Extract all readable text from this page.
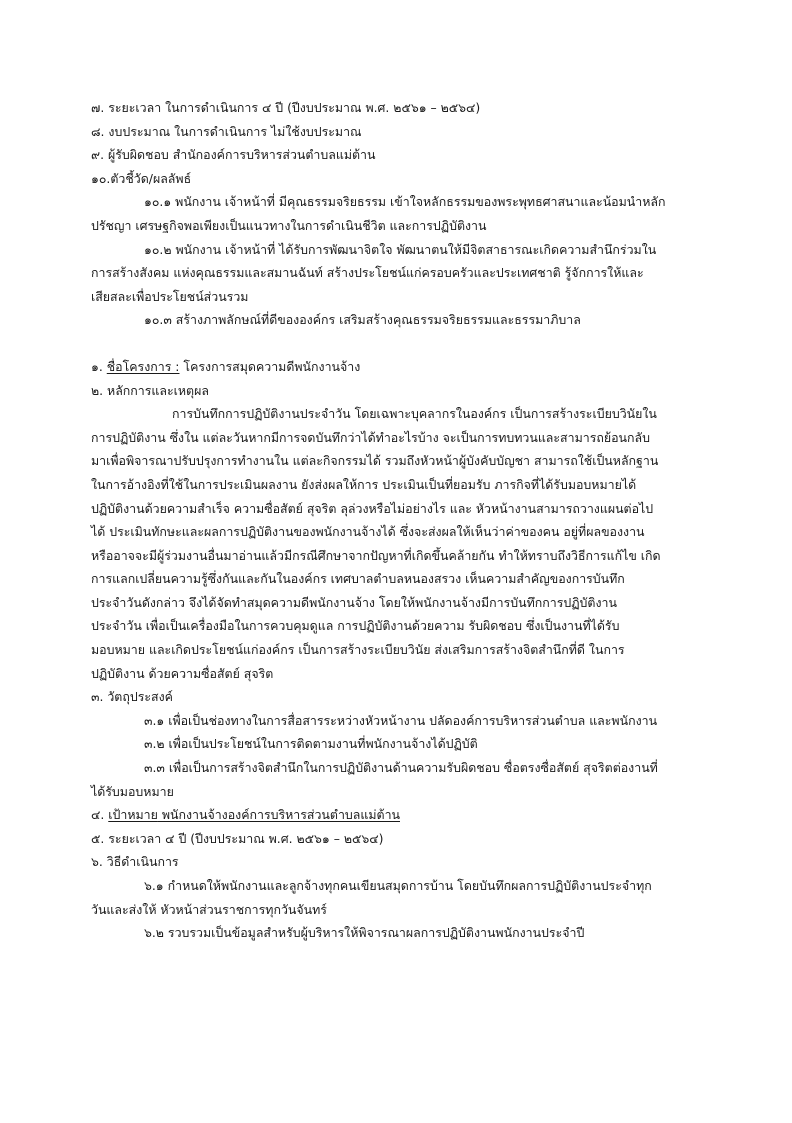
๗. ระยะเวลา ในการดำเนินการ ๔ ปี (ปีงบประมาณ พ.ศ. ๒๕๖๑ – ๒๕๖๔)
๘. งบประมาณ ในการดำเนินการ ไม่ใช้งบประมาณ
๙. ผู้รับผิดชอบ สำนักองค์การบริหารส่วนตำบลแม่ต้าน
๑๐.ตัวชี้วัด/ผลลัพธ์
๑๐.๑ พนักงาน เจ้าหน้าที่ มีคุณธรรมจริยธรรม เข้าใจหลักธรรมของพระพุทธศาสนาและน้อมนำหลัก
ปรัชญา เศรษฐกิจพอเพียงเป็นแนวทางในการดำเนินชีวิต และการปฏิบัติงาน
๑๐.๒ พนักงาน เจ้าหน้าที่ ได้รับการพัฒนาจิตใจ พัฒนาตนให้มีจิตสาธารณะเกิดความสำนึกร่วมใน
การสร้างสังคม แห่งคุณธรรมและสมานฉันท์ สร้างประโยชน์แก่ครอบครัวและประเทศชาติ รู้จักการให้และ
เสียสละเพื่อประโยชน์ส่วนรวม
๑๐.๓ สร้างภาพลักษณ์ที่ดีขององค์กร เสริมสร้างคุณธรรมจริยธรรมและธรรมาภิบาล
๑. ชื่อโครงการ : โครงการสมุดความดีพนักงานจ้าง
๒. หลักการและเหตุผล
การบันทึกการปฏิบัติงานประจำวัน โดยเฉพาะบุคลากรในองค์กร เป็นการสร้างระเบียบวินัยใน
การปฏิบัติงาน ซึ่งใน แต่ละวันหากมีการจดบันทึกว่าได้ทำอะไรบ้าง จะเป็นการทบทวนและสามารถย้อนกลับ
มาเพื่อพิจารณาปรับปรุงการทำงานใน แต่ละกิจกรรมได้ รวมถึงหัวหน้าผู้บังคับบัญชา สามารถใช้เป็นหลักฐาน
ในการอ้างอิงที่ใช้ในการประเมินผลงาน ยังส่งผลให้การ ประเมินเป็นที่ยอมรับ ภารกิจที่ได้รับมอบหมายได้
ปฏิบัติงานด้วยความสำเร็จ ความซื่อสัตย์ สุจริต ลุล่วงหรือไม่อย่างไร และ หัวหน้างานสามารถวางแผนต่อไป
ได้ ประเมินทักษะและผลการปฏิบัติงานของพนักงานจ้างได้ ซึ่งจะส่งผลให้เห็นว่าค่าของคน อยู่ที่ผลของงาน
หรืออาจจะมีผู้ร่วมงานอื่นมาอ่านแล้วมีกรณีศึกษาจากปัญหาที่เกิดขึ้นคล้ายกัน ทำให้ทราบถึงวิธีการแก้ไข เกิด
การแลกเปลี่ยนความรู้ซึ่งกันและกันในองค์กร เทศบาลตำบลหนองสรวง เห็นความสำคัญของการบันทึก
ประจำวันดังกล่าว จึงได้จัดทำสมุดความดีพนักงานจ้าง โดยให้พนักงานจ้างมีการบันทึกการปฏิบัติงาน
ประจำวัน เพื่อเป็นเครื่องมือในการควบคุมดูแล การปฏิบัติงานด้วยความ รับผิดชอบ ซึ่งเป็นงานที่ได้รับ
มอบหมาย และเกิดประโยชน์แก่องค์กร เป็นการสร้างระเบียบวินัย ส่งเสริมการสร้างจิตสำนึกที่ดี ในการ
ปฏิบัติงาน ด้วยความซื่อสัตย์ สุจริต
๓. วัตถุประสงค์
๓.๑ เพื่อเป็นช่องทางในการสื่อสารระหว่างหัวหน้างาน ปลัดองค์การบริหารส่วนตำบล และพนักงาน
๓.๒ เพื่อเป็นประโยชน์ในการติดตามงานที่พนักงานจ้างได้ปฏิบัติ
๓.๓ เพื่อเป็นการสร้างจิตสำนึกในการปฏิบัติงานด้านความรับผิดชอบ ซื่อตรงซื่อสัตย์ สุจริตต่องานที่
ได้รับมอบหมาย
๔. เป้าหมาย พนักงานจ้างองค์การบริหารส่วนตำบลแม่ต้าน
๕. ระยะเวลา ๔ ปี (ปีงบประมาณ พ.ศ. ๒๕๖๑ – ๒๕๖๔)
๖. วิธีดำเนินการ
๖.๑ กำหนดให้พนักงานและลูกจ้างทุกคนเขียนสมุดการบ้าน โดยบันทึกผลการปฏิบัติงานประจำทุก
วันและส่งให้ หัวหน้าส่วนราชการทุกวันจันทร์
๖.๒ รวบรวมเป็นข้อมูลสำหรับผู้บริหารให้พิจารณาผลการปฏิบัติงานพนักงานประจำปี
